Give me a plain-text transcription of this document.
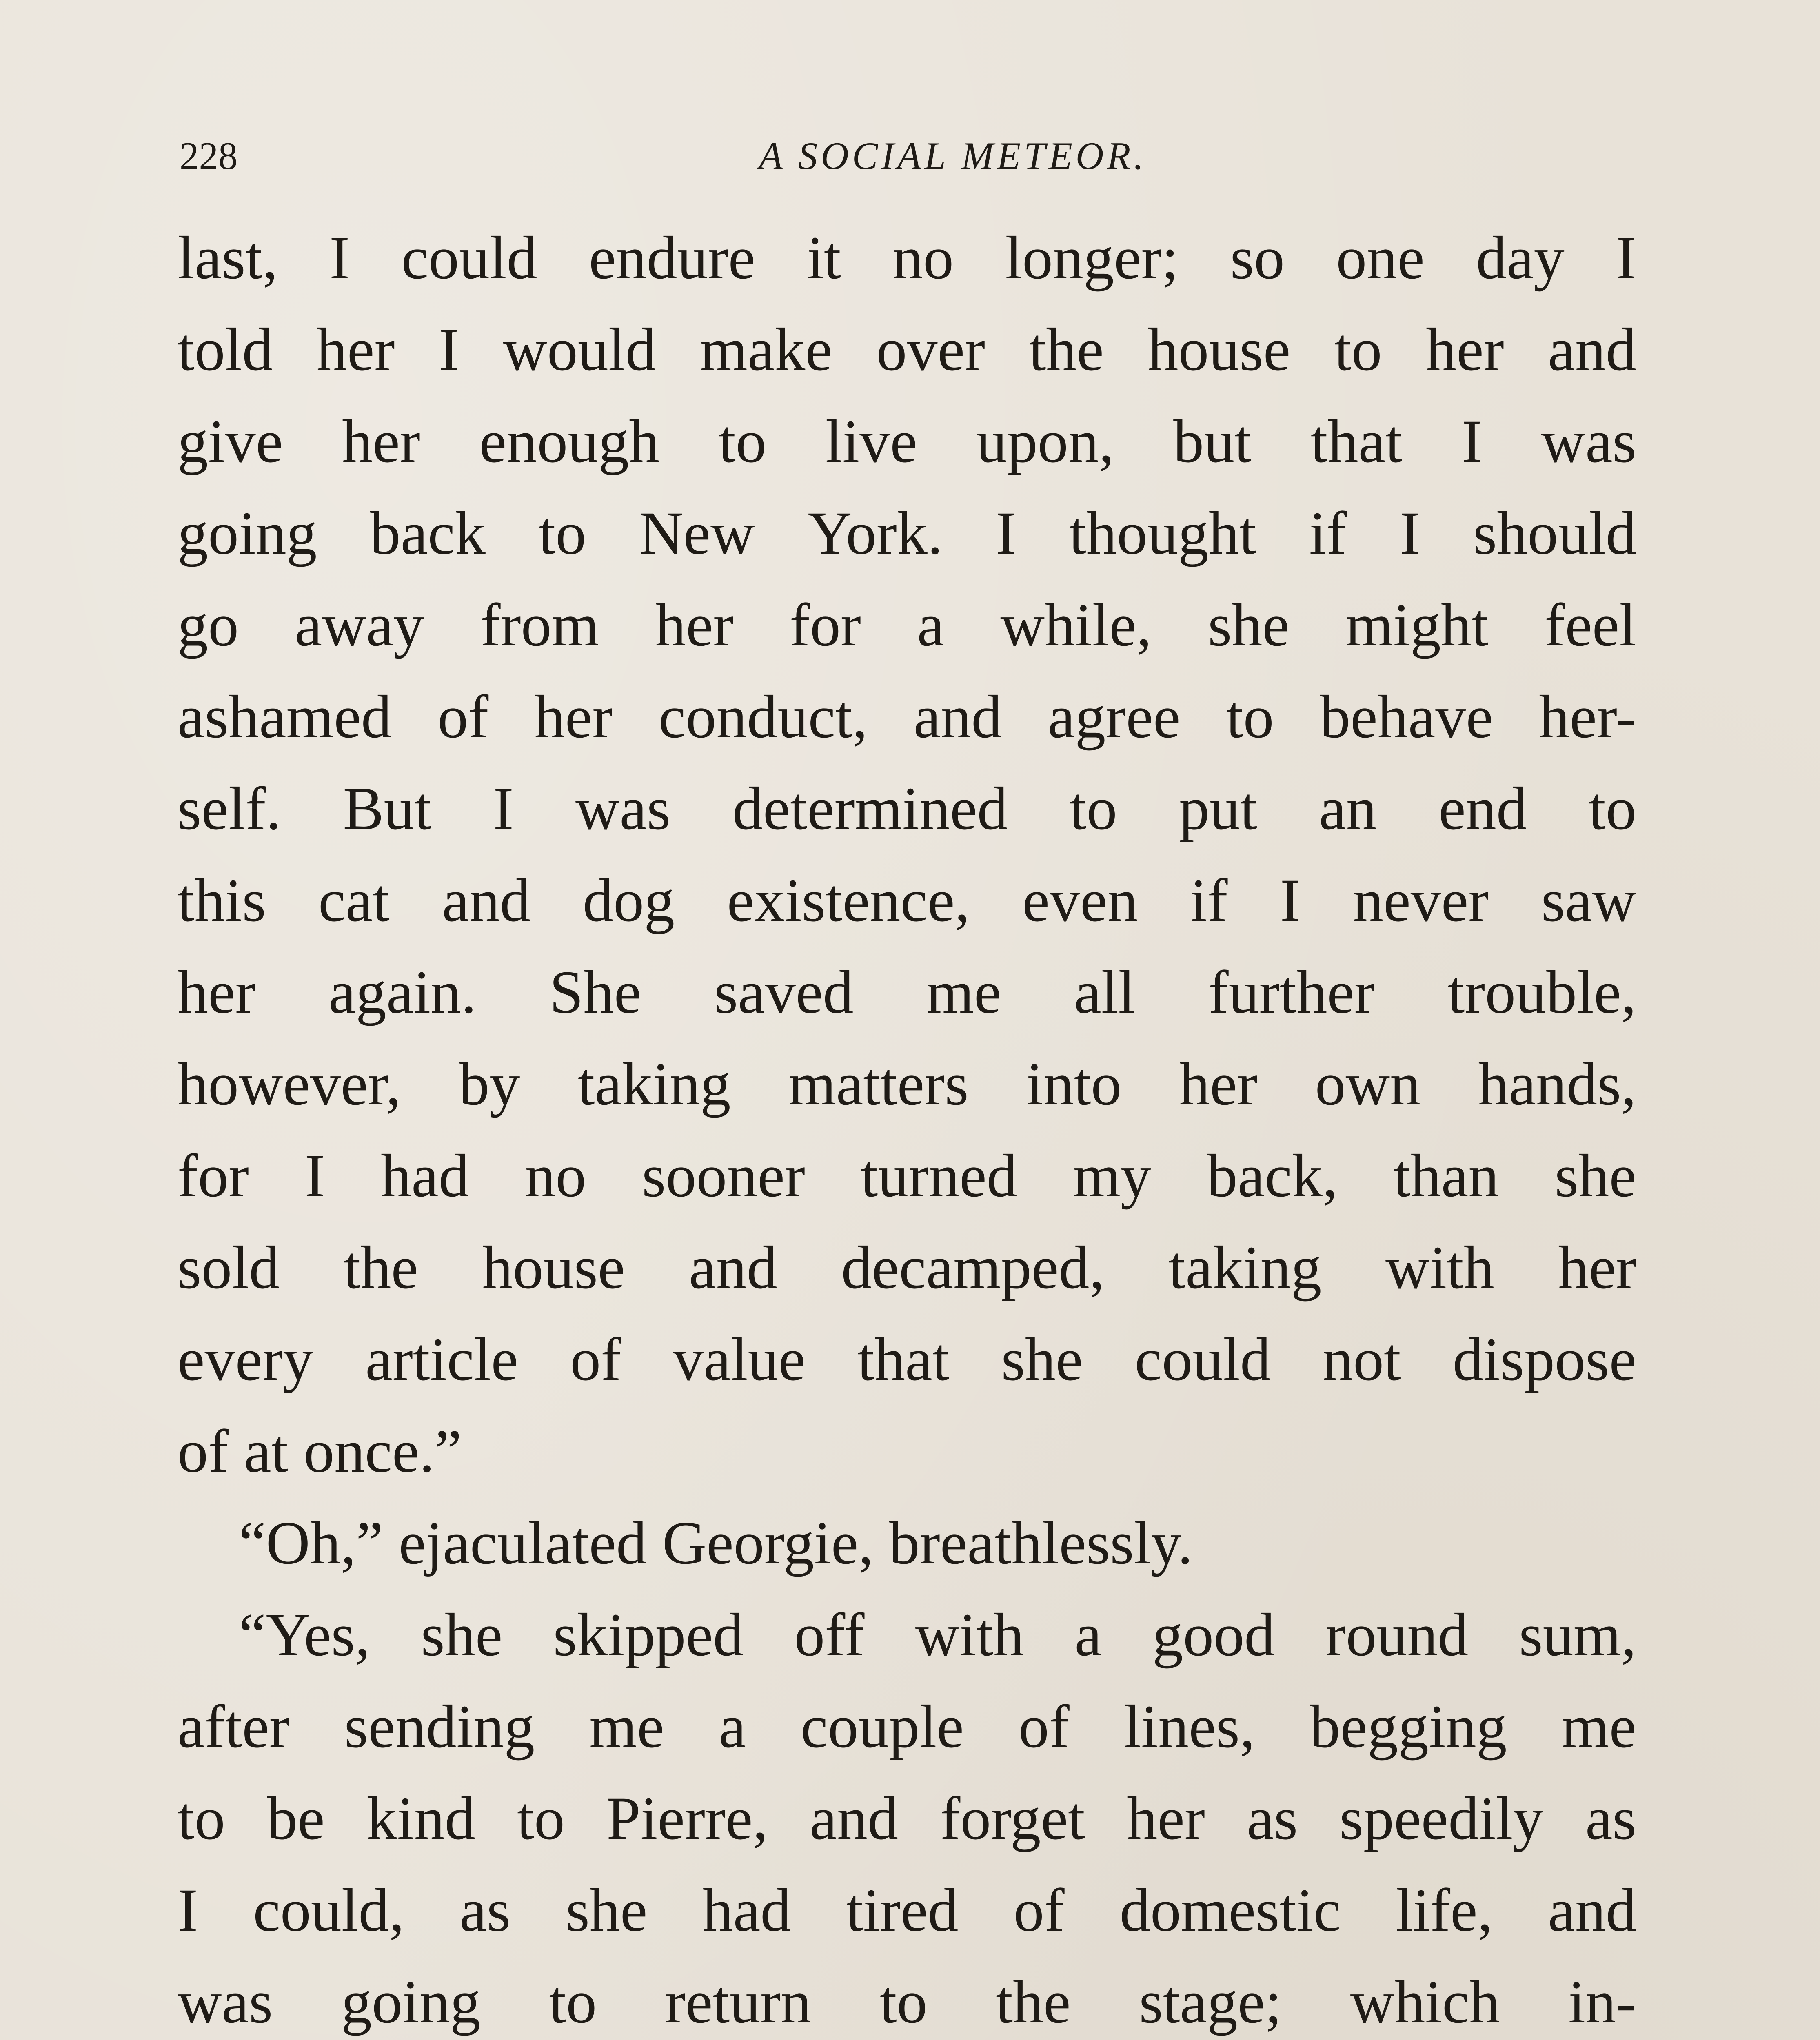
228	A SOCIAL METEOR.
last, I could endure it no longer; so one day I
told her I would make over the house to her and
give her enough to live upon, but that I was
going back to New York. I thought if I should
go away from her for a while, she might feel
ashamed of her conduct, and agree to behave her-
self. But I was determined to put an end to
this cat and dog existence, even if I never saw
her again. She saved me all further trouble,
however, by taking matters into her own hands,
for I had no sooner turned my back, than she
sold the house and decamped, taking with her
every article of value that she could not dispose
of at once.”
“Oh,” ejaculated Georgie, breathlessly.
“Yes, she skipped off with a good round sum,
after sending me a couple of lines, begging me
to be kind to Pierre, and forget her as speedily as
I could, as she had tired of domestic life, and
was going to return to the stage; which in-
